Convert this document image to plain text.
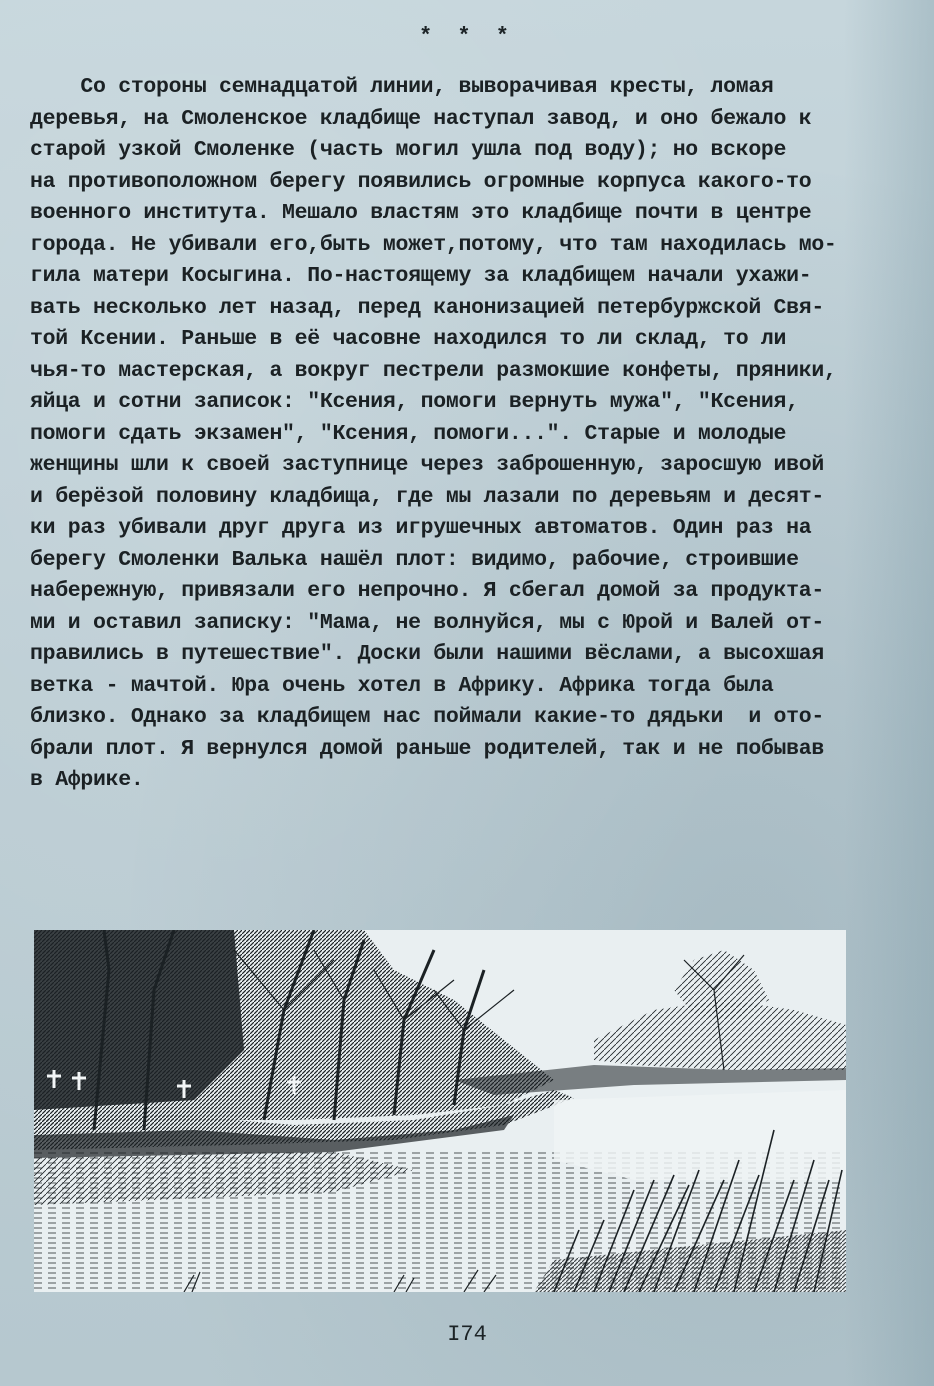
* * *

Со стороны семнадцатой линии, выворачивая кресты, ломая
деревья, на Смоленское кладбище наступал завод, и оно бежало к
старой узкой Смоленке (часть могил ушла под воду); но вскоре
на противоположном берегу появились огромные корпуса какого-то
военного института. Мешало властям это кладбище почти в центре
города. Не убивали его,быть может,потому, что там находилась мо-
гила матери Косыгина. По-настоящему за кладбищем начали ухажи-
вать несколько лет назад, перед канонизацией петербуржской Свя-
той Ксении. Раньше в её часовне находился то ли склад, то ли
чья-то мастерская, а вокруг пестрели размокшие конфеты, пряники,
яйца и сотни записок: "Ксения, помоги вернуть мужа", "Ксения,
помоги сдать экзамен", "Ксения, помоги...". Старые и молодые
женщины шли к своей заступнице через заброшенную, заросшую ивой
и берёзой половину кладбища, где мы лазали по деревьям и десят-
ки раз убивали друг друга из игрушечных автоматов. Один раз на
берегу Смоленки Валька нашёл плот: видимо, рабочие, строившие
набережную, привязали его непрочно. Я сбегал домой за продукта-
ми и оставил записку: "Мама, не волнуйся, мы с Юрой и Валей от-
правились в путешествие". Доски были нашими вёслами, а высохшая
ветка - мачтой. Юра очень хотел в Африку. Африка тогда была
близко. Однако за кладбищем нас поймали какие-то дядьки  и ото-
брали плот. Я вернулся домой раньше родителей, так и не побывав
в Африке.

I74
